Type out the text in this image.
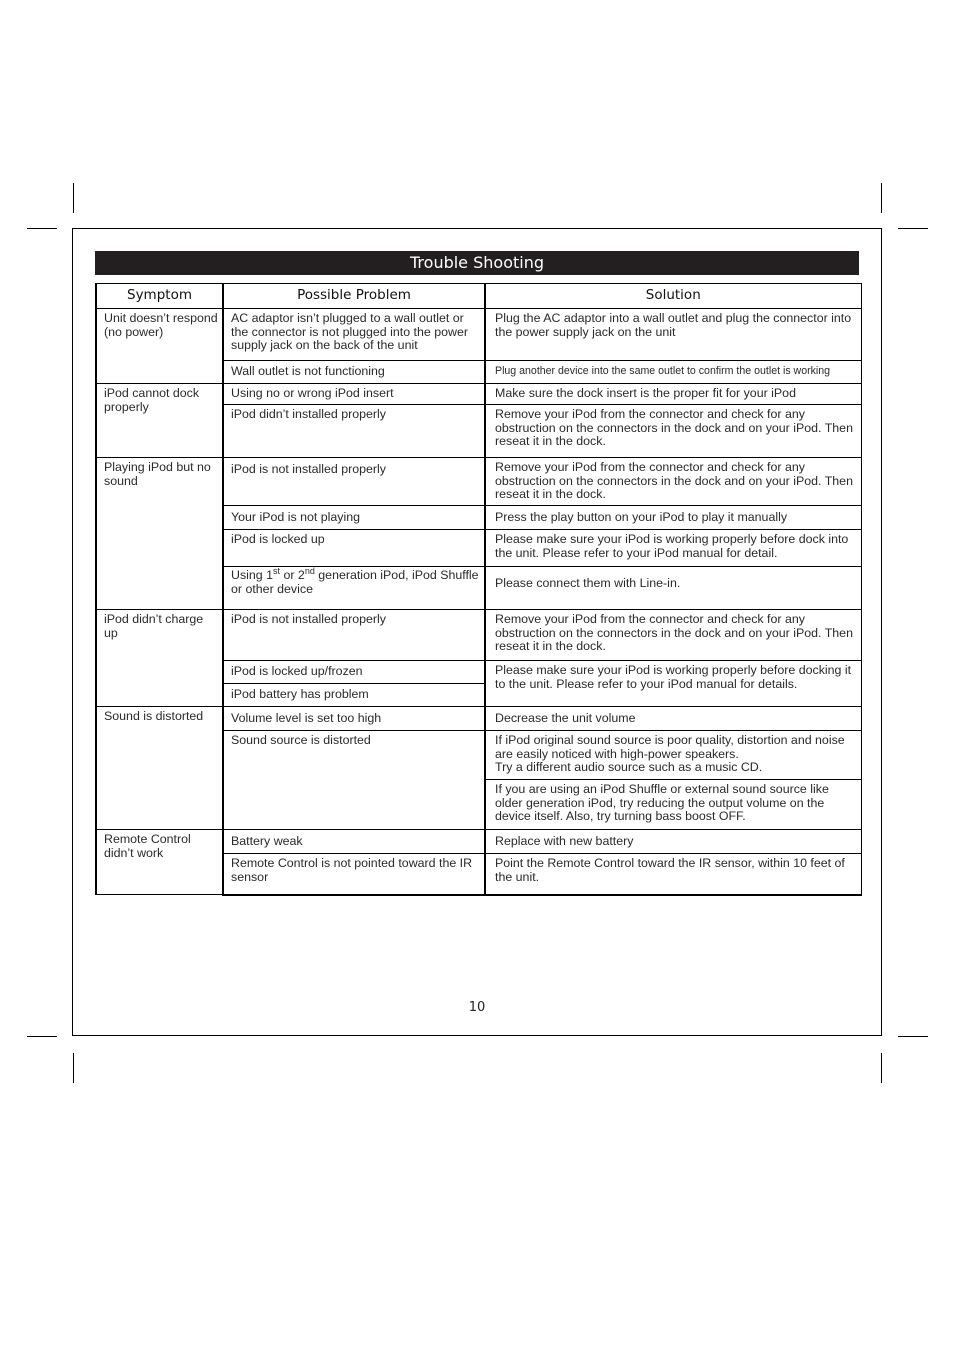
Trouble Shooting
Symptom	Possible Problem	Solution
Unit doesn’t respond (no power)	AC adaptor isn’t plugged to a wall outlet or the connector is not plugged into the power supply jack on the back of the unit	Plug the AC adaptor into a wall outlet and plug the connector into the power supply jack on the unit
	Wall outlet is not functioning	Plug another device into the same outlet to confirm the outlet is working
iPod cannot dock properly	Using no or wrong iPod insert	Make sure the dock insert is the proper fit for your iPod
	iPod didn’t installed properly	Remove your iPod from the connector and check for any obstruction on the connectors in the dock and on your iPod. Then reseat it in the dock.
Playing iPod but no sound	iPod is not installed properly	Remove your iPod from the connector and check for any obstruction on the connectors in the dock and on your iPod. Then reseat it in the dock.
	Your iPod is not playing	Press the play button on your iPod to play it manually
	iPod is locked up	Please make sure your iPod is working properly before dock into the unit. Please refer to your iPod manual for detail.
	Using 1st or 2nd generation iPod, iPod Shuffle or other device	Please connect them with Line-in.
iPod didn’t charge up	iPod is not installed properly	Remove your iPod from the connector and check for any obstruction on the connectors in the dock and on your iPod. Then reseat it in the dock.
	iPod is locked up/frozen	Please make sure your iPod is working properly before docking it to the unit. Please refer to your iPod manual for details.
	iPod battery has problem	
Sound is distorted	Volume level is set too high	Decrease the unit volume
	Sound source is distorted	If iPod original sound source is poor quality, distortion and noise are easily noticed with high-power speakers.
Try a different audio source such as a music CD.

		If you are using an iPod Shuffle or external sound source like older generation iPod, try reducing the output volume on the device itself. Also, try turning bass boost OFF.
Remote Control didn’t work	Battery weak	Replace with new battery
	Remote Control is not pointed toward the IR sensor	Point the Remote Control toward the IR sensor, within 10 feet of the unit.
10
